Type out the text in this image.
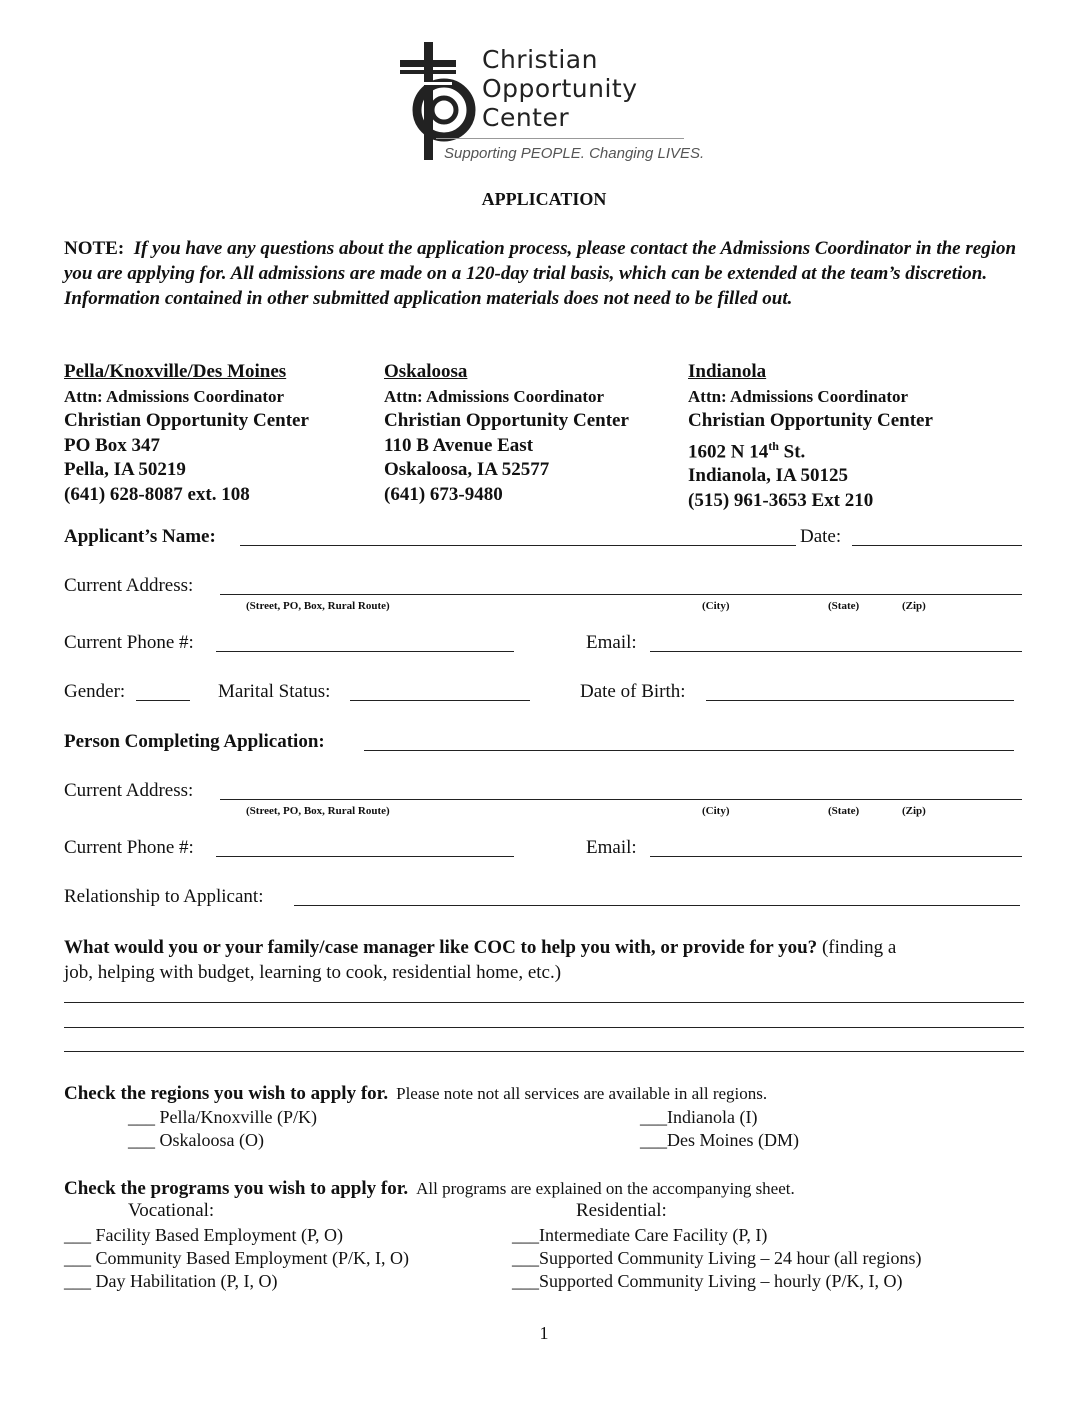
Christian
Opportunity
Center
Supporting PEOPLE. Changing LIVES.
APPLICATION
NOTE: If you have any questions about the application process, please contact the Admissions Coordinator in the region you are applying for. All admissions are made on a 120-day trial basis, which can be extended at the team’s discretion. Information contained in other submitted application materials does not need to be filled out.
Pella/Knoxville/Des Moines
Attn: Admissions Coordinator
Christian Opportunity Center
PO Box 347
Pella, IA 50219
(641) 628-8087 ext. 108
Oskaloosa
Attn: Admissions Coordinator
Christian Opportunity Center
110 B Avenue East
Oskaloosa, IA 52577
(641) 673-9480
Indianola
Attn: Admissions Coordinator
Christian Opportunity Center
1602 N 14th St.
Indianola, IA 50125
(515) 961-3653 Ext 210
Applicant’s Name:	Date:
Current Address:
(Street, PO, Box, Rural Route)	(City)	(State)	(Zip)
Current Phone #:	Email:
Gender:	Marital Status:	Date of Birth:
Person Completing Application:
Current Address:
(Street, PO, Box, Rural Route)	(City)	(State)	(Zip)
Current Phone #:	Email:
Relationship to Applicant:
What would you or your family/case manager like COC to help you with, or provide for you? (finding a
job, helping with budget, learning to cook, residential home, etc.)
Check the regions you wish to apply for. Please note not all services are available in all regions.
___ Pella/Knoxville (P/K)
___ Oskaloosa (O)
___Indianola (I)
___Des Moines (DM)
Check the programs you wish to apply for. All programs are explained on the accompanying sheet.
Vocational:	Residential:
___ Facility Based Employment (P, O)
___ Community Based Employment (P/K, I, O)
___ Day Habilitation (P, I, O)
___Intermediate Care Facility (P, I)
___Supported Community Living – 24 hour (all regions)
___Supported Community Living – hourly (P/K, I, O)
1
